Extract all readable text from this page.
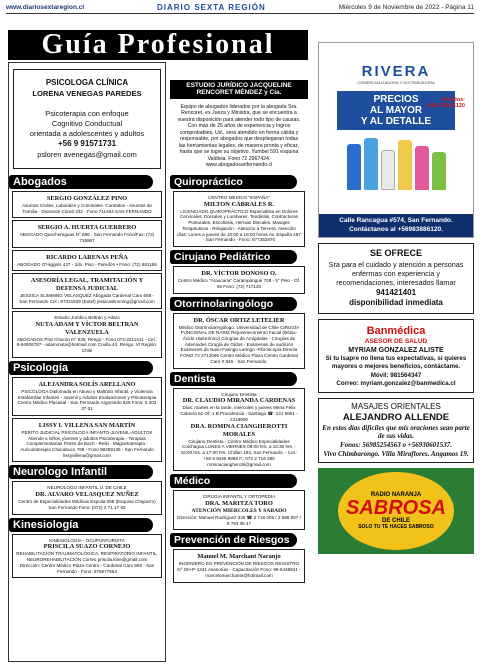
www.diariosextaregion.cl	DIARIO SEXTA REGIÓN	Miércoles 9 de Noviembre de 2022 - Página 11
Guía Profesional
PSICOLOGA CLÍNICA
LORENA VENEGAS PAREDES
Psicoterapia con enfoque
Cognitivo Conductual
orientada a adolescentes y adultos
+56 9 91571731
psloren avenegas@gmail.com
Abogados
SERGIO GONZÁLEZ PINO
Asuntos Civiles, Laborales y Criminales. Contratos - Asuntos de Familia - Divorcios Cúratí 332 - Fono 711464 SAN FERNANDO
SERGIO A. HUERTA GUERRERO
ABOGADO Quechereguas N° 688 - San Fernando Fono/Fax: (72) 715967
RICARDO LARENAS PEÑA
ABOGADO O'Higgins 437 - 2do. Piso - Paredón • Fono: (72) 681168
ASESORÍA LEGAL, TRAMITACIÓN Y DEFENSA JUDICIAL
JESSICA SLIMMING VELÁSQUEZ Abogada Cardenal Caro 668 - San Fernando Cel.: 87321839 (Entel) jessicaslimming@gmail.com
Estudio Jurídico Beltrán y Adaro
NUTA ADAM Y VÍCTOR BELTRAN VALENZUELA
ABOGADOS Prat Chacón N° 930, Rengo - Fono 072-2511411 - Cel.: 9-94006787 - adammuta@hotmail.com Coulla 40. Rengo. VI Región. Chile
Psicología
ALEJANDRA SOLÍS ARELLANO
PSICÓLOGA Diplomada en Abuso y Maltrato Infantil, y Violencia Intrafamiliar Infantes - Juvenil y Adultos Evaluaciones y Psicoterapia Centro Médico Placasal - San Fernando Argomedo 626 Fono: 6 303 37 01
LISSY I. VILLENA SAN MARTÍN
PERITO JUDICIAL PSICOLOGA INFANTO-JUVENIL-ADULTOS Atiende a niños, jóvenes y adultos Psicoterapia - Terapias Complementarias Flores de Bach - Reiki - Magnetoterapia - Auriculoterapia Chacabuco 768 - Fono 98459145 - San Fernando lissyvillena@gmail.com
Neurologo Infantil
NEUROLOGO INFANTIL U. DE CHILE
DR. ALVARO VELASQUEZ NUÑEZ
Centro de Especialidades Médicas Espoila 058 (Esquina Chaparro) San Fernando Fono: (072) 2 71 17 82
Kinesiología
KINESIOLOGÍA - OCUPUNTURISTA
PRISCILA SUAZO CORNEJO
REHABILITACIÓN TRAUMATOLÓGICA, RESPIRATORIO INFANTIL, NEUROREHABILITACIÓN Correo priscila.kine@gmail.com Dirección: Centro Médico Plaza Centro - Cardenal Caro 668 - San Fernando - Fono: 975677564
ESTUDIO JURÍDICO JACQUELINE RENCORET MÉNDEZ y Cía.
Equipo de abogados liderados por la abogada Sra. Rencoret, ex Jueza y Ministra, que se encuentra a vuestra disposición para atender todo tipo de causas. Con más de 25 años de experiencia y logros comprobables, Ud., será atendido en forma cálida y responsable, por abogados que despliegaran todas las herramientas legales, de manera pronta y eficaz, hasta que se logre su objetivo. Yumbel 591 esquina Valdivia. Fono 72 2967424. www.abogadosanfernando.cl
Quiropráctico
CENTRO MÉDICO "ESPAÑA"
MILTON CABRALES R.
LICENCIADO QUIROPRÁCTICO Especialista en Dolores Cervicales, Dorsales y Lumbares. Tendinitis, Contracturas Posturales, Escoliosis, Hernias Discales. Masajes Terapéuticos - Relajación - Atención a Tercera. Atención días: Lunes a jueves de 10:00 a 19:00 horas Av. España 467 - San Fernando - Fono: 977352970
Cirujano Pediátrico
DR. VÍCTOR DONOSO O.
Centro Médico "Araucaria" Carampangue 708 - 5° Piso - Of. 56 Fono: (72) 717120
Otorrinolaringólogo
DR. ÓSCAR ORTIZ LETELIER
Médico Otorrinolaringólogo. Universidad de Chile CIRUGÍA FUNCIONAL DE NARIZ Rejuvenecimiento Facial (Bótox-Ácido Hialurónico) Cirugías de Amígdalas - Cirugías de Adenoides Cirugía de Oídos - Exámenes de audición Exámenes de Naso-Faringo-Laringo -Fibroscopía Directa FONO 72 2712065 Centro Médico Plaza Centro Cardenal Caro # 646 - San Fernando.
Dentista
Cirujano Dentista
DR. CLAUDIO MIRANDA CARDENAS
Días: martes en la tarde, miércoles y jueves Mena Félix Cabrera 62 Of. 1 B Providencia - Santiago ☎: 221 9661 - 2319900
DRA. ROMINA CIANGHEROTTI MORALES
Cirujano Dentista - Centro Médico Especialidades Colchagua LUNES A VIERNES 09:00 hrs. a 13:30 hrs. - 16:00 hrs. a 17:00 hrs. Chillán 183, San Fernando. - Cel.: +56 9 9435 9888 F.: 072 2 716 380 rominaciangherotti@gmail.com
Médico
CIRUGIA INFANTIL Y ORTOPEDIA
DRA. MARITZA TORO
ATENCIÓN MIERCOLES Y SABADO
Dirección: Manuel Rodríguez 325 ☎ 2 718 006 / 2 586 597 / 9 763 38 47
Prevención de Riesgos
Manuel M. Marchant Naranjo
INGENIERO EN PREVENCIÓN DE RIESGOS REGISTRO N° OH-P-1341 Asesorías - Capacitación Fono: 99-6448841 - marcelomarchantn@hotmail.com
RIVERA
COMERCIALIZADORA Y DISTRIBUIDORA
Pedidos:
+569 8388 6120
PRECIOS
AL MAYOR
Y AL DETALLE
Calle Rancagua #574, San Fernando.
Contáctanos al +56983886120.
SE OFRECE
Sra para el cuidado y atención a personas enfermas con experiencia y recomendaciones, interesados llamar
941421401
disponibilidad inmediata
Banmédica
ASESOR DE SALUD
MYRIAM GONZALEZ ALISTE
Si tu Isapre no llena tus expectativas, si quieres mayores o mejores beneficios, contáctame.
Móvil: 981564347
Correo: myriam.gonzalez@banmedica.cl
MASAJES ORIENTALES
ALEJANDRO ALLENDE
En estos días difíciles que mis oraciones sean parte de sus vidas.
Fonos: 56985254563 o +56930601537.
Vivo Chimbarongo. Villa Miraflores. Angamos 19.
RADIO NARANJA
SABROSA
DE CHILE
SOLO TU TE HACES SABROSO
